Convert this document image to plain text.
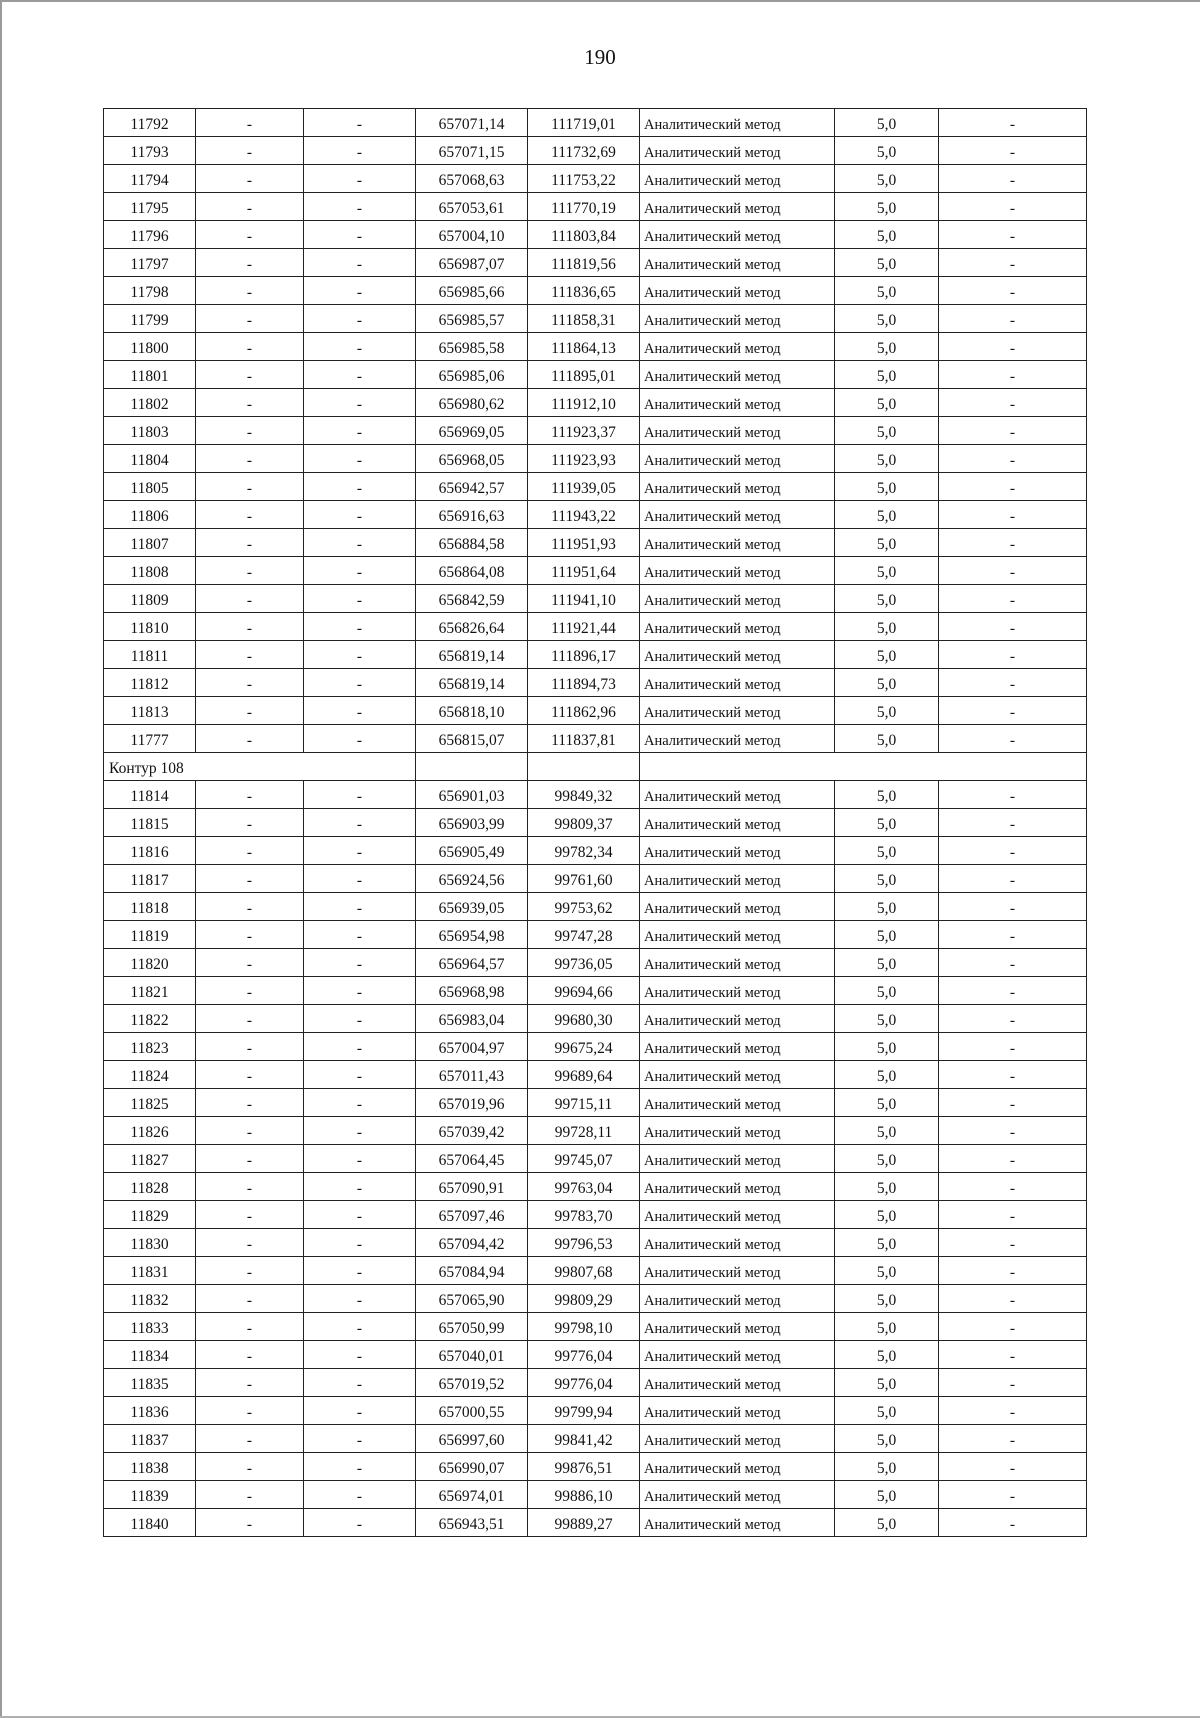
190
11792	-	-	657071,14	111719,01	Аналитический метод	5,0	-
11793	-	-	657071,15	111732,69	Аналитический метод	5,0	-
11794	-	-	657068,63	111753,22	Аналитический метод	5,0	-
11795	-	-	657053,61	111770,19	Аналитический метод	5,0	-
11796	-	-	657004,10	111803,84	Аналитический метод	5,0	-
11797	-	-	656987,07	111819,56	Аналитический метод	5,0	-
11798	-	-	656985,66	111836,65	Аналитический метод	5,0	-
11799	-	-	656985,57	111858,31	Аналитический метод	5,0	-
11800	-	-	656985,58	111864,13	Аналитический метод	5,0	-
11801	-	-	656985,06	111895,01	Аналитический метод	5,0	-
11802	-	-	656980,62	111912,10	Аналитический метод	5,0	-
11803	-	-	656969,05	111923,37	Аналитический метод	5,0	-
11804	-	-	656968,05	111923,93	Аналитический метод	5,0	-
11805	-	-	656942,57	111939,05	Аналитический метод	5,0	-
11806	-	-	656916,63	111943,22	Аналитический метод	5,0	-
11807	-	-	656884,58	111951,93	Аналитический метод	5,0	-
11808	-	-	656864,08	111951,64	Аналитический метод	5,0	-
11809	-	-	656842,59	111941,10	Аналитический метод	5,0	-
11810	-	-	656826,64	111921,44	Аналитический метод	5,0	-
11811	-	-	656819,14	111896,17	Аналитический метод	5,0	-
11812	-	-	656819,14	111894,73	Аналитический метод	5,0	-
11813	-	-	656818,10	111862,96	Аналитический метод	5,0	-
11777	-	-	656815,07	111837,81	Аналитический метод	5,0	-
Контур 108							
11814	-	-	656901,03	99849,32	Аналитический метод	5,0	-
11815	-	-	656903,99	99809,37	Аналитический метод	5,0	-
11816	-	-	656905,49	99782,34	Аналитический метод	5,0	-
11817	-	-	656924,56	99761,60	Аналитический метод	5,0	-
11818	-	-	656939,05	99753,62	Аналитический метод	5,0	-
11819	-	-	656954,98	99747,28	Аналитический метод	5,0	-
11820	-	-	656964,57	99736,05	Аналитический метод	5,0	-
11821	-	-	656968,98	99694,66	Аналитический метод	5,0	-
11822	-	-	656983,04	99680,30	Аналитический метод	5,0	-
11823	-	-	657004,97	99675,24	Аналитический метод	5,0	-
11824	-	-	657011,43	99689,64	Аналитический метод	5,0	-
11825	-	-	657019,96	99715,11	Аналитический метод	5,0	-
11826	-	-	657039,42	99728,11	Аналитический метод	5,0	-
11827	-	-	657064,45	99745,07	Аналитический метод	5,0	-
11828	-	-	657090,91	99763,04	Аналитический метод	5,0	-
11829	-	-	657097,46	99783,70	Аналитический метод	5,0	-
11830	-	-	657094,42	99796,53	Аналитический метод	5,0	-
11831	-	-	657084,94	99807,68	Аналитический метод	5,0	-
11832	-	-	657065,90	99809,29	Аналитический метод	5,0	-
11833	-	-	657050,99	99798,10	Аналитический метод	5,0	-
11834	-	-	657040,01	99776,04	Аналитический метод	5,0	-
11835	-	-	657019,52	99776,04	Аналитический метод	5,0	-
11836	-	-	657000,55	99799,94	Аналитический метод	5,0	-
11837	-	-	656997,60	99841,42	Аналитический метод	5,0	-
11838	-	-	656990,07	99876,51	Аналитический метод	5,0	-
11839	-	-	656974,01	99886,10	Аналитический метод	5,0	-
11840	-	-	656943,51	99889,27	Аналитический метод	5,0	-
